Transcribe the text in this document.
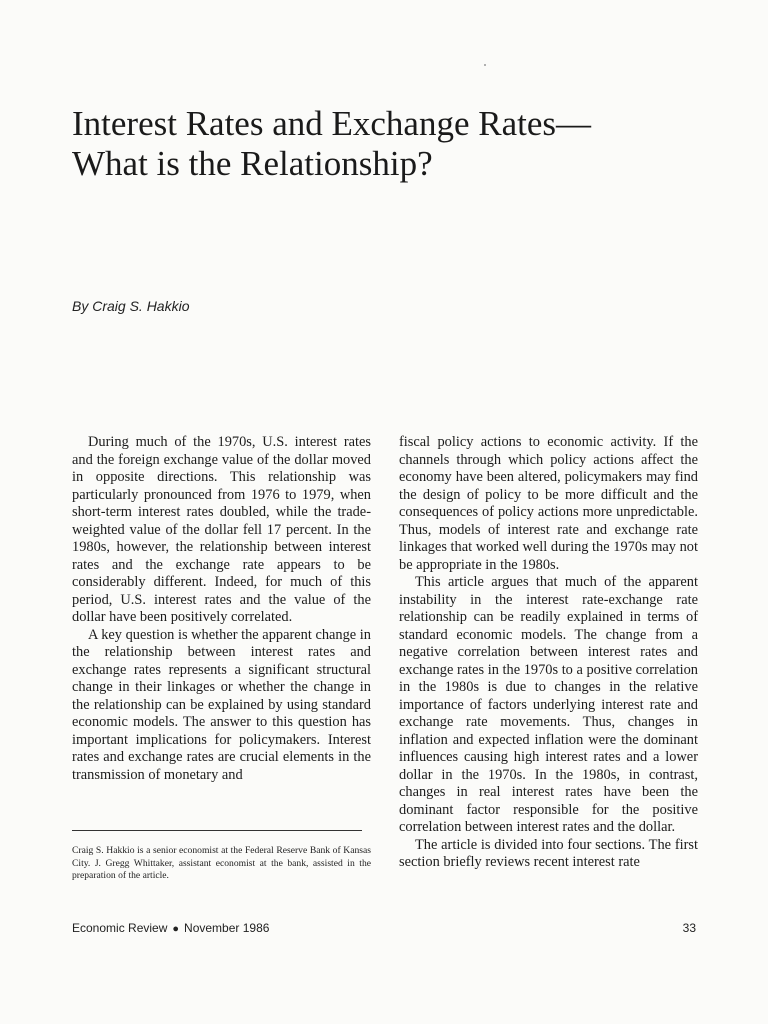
Interest Rates and Exchange Rates—
What is the Relationship?
By Craig S. Hakkio

During much of the 1970s, U.S. interest rates and the foreign exchange value of the dollar moved in opposite directions. This relationship was particularly pronounced from 1976 to 1979, when short-term interest rates doubled, while the trade-weighted value of the dollar fell 17 percent. In the 1980s, however, the relationship between interest rates and the exchange rate appears to be considerably different. Indeed, for much of this period, U.S. interest rates and the value of the dollar have been positively correlated.

A key question is whether the apparent change in the relationship between interest rates and exchange rates represents a significant structural change in their linkages or whether the change in the relationship can be explained by using standard economic models. The answer to this question has important implications for policymakers. Interest rates and exchange rates are crucial elements in the transmission of monetary and

fiscal policy actions to economic activity. If the channels through which policy actions affect the economy have been altered, policymakers may find the design of policy to be more difficult and the consequences of policy actions more unpredictable. Thus, models of interest rate and exchange rate linkages that worked well during the 1970s may not be appropriate in the 1980s.

This article argues that much of the apparent instability in the interest rate-exchange rate relationship can be readily explained in terms of standard economic models. The change from a negative correlation between interest rates and exchange rates in the 1970s to a positive correlation in the 1980s is due to changes in the relative importance of factors underlying interest rate and exchange rate movements. Thus, changes in inflation and expected inflation were the dominant influences causing high interest rates and a lower dollar in the 1970s. In the 1980s, in contrast, changes in real interest rates have been the dominant factor responsible for the positive correlation between interest rates and the dollar.

The article is divided into four sections. The first section briefly reviews recent interest rate

Craig S. Hakkio is a senior economist at the Federal Reserve Bank of Kansas City. J. Gregg Whittaker, assistant economist at the bank, assisted in the preparation of the article.
Economic Review ● November 1986	33
